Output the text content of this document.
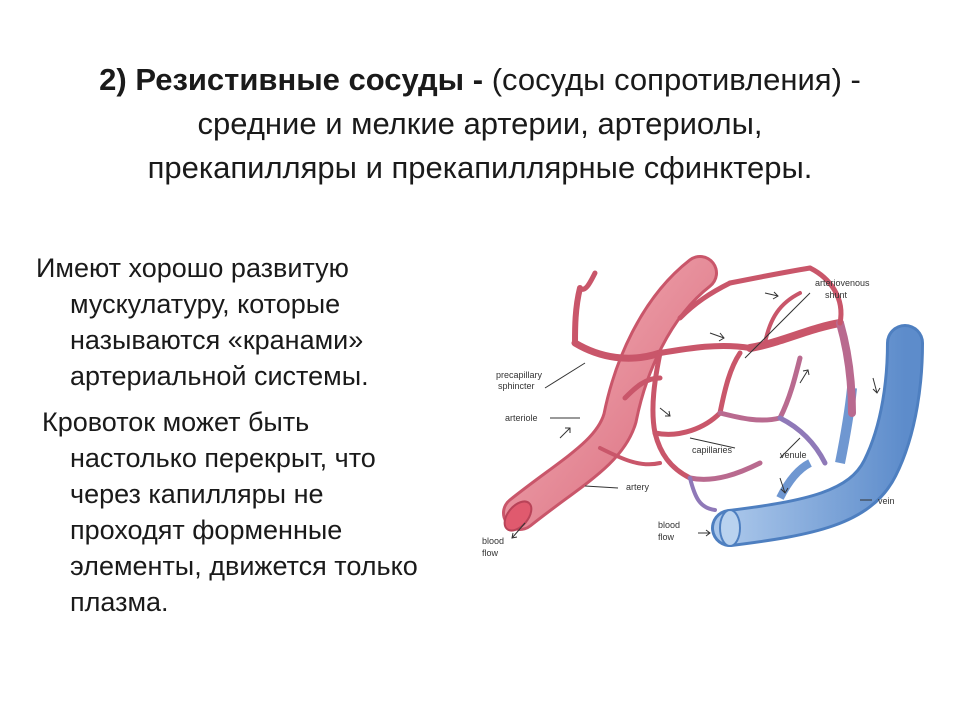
2) Резистивные сосуды - (сосуды сопротивления) -
средние и мелкие артерии, артериолы,
прекапилляры и прекапиллярные сфинктеры.
Имеют хорошо развитую
мускулатуру, которые
называются «кранами»
артериальной системы.
Кровоток может быть
настолько перекрыт, что
через капилляры не
проходят форменные
элементы, движется только
плазма.
arteriovenous
shunt
precapillary
sphincter
arteriole
capillaries	venule
artery
vein
blood
flow
blood
flow
